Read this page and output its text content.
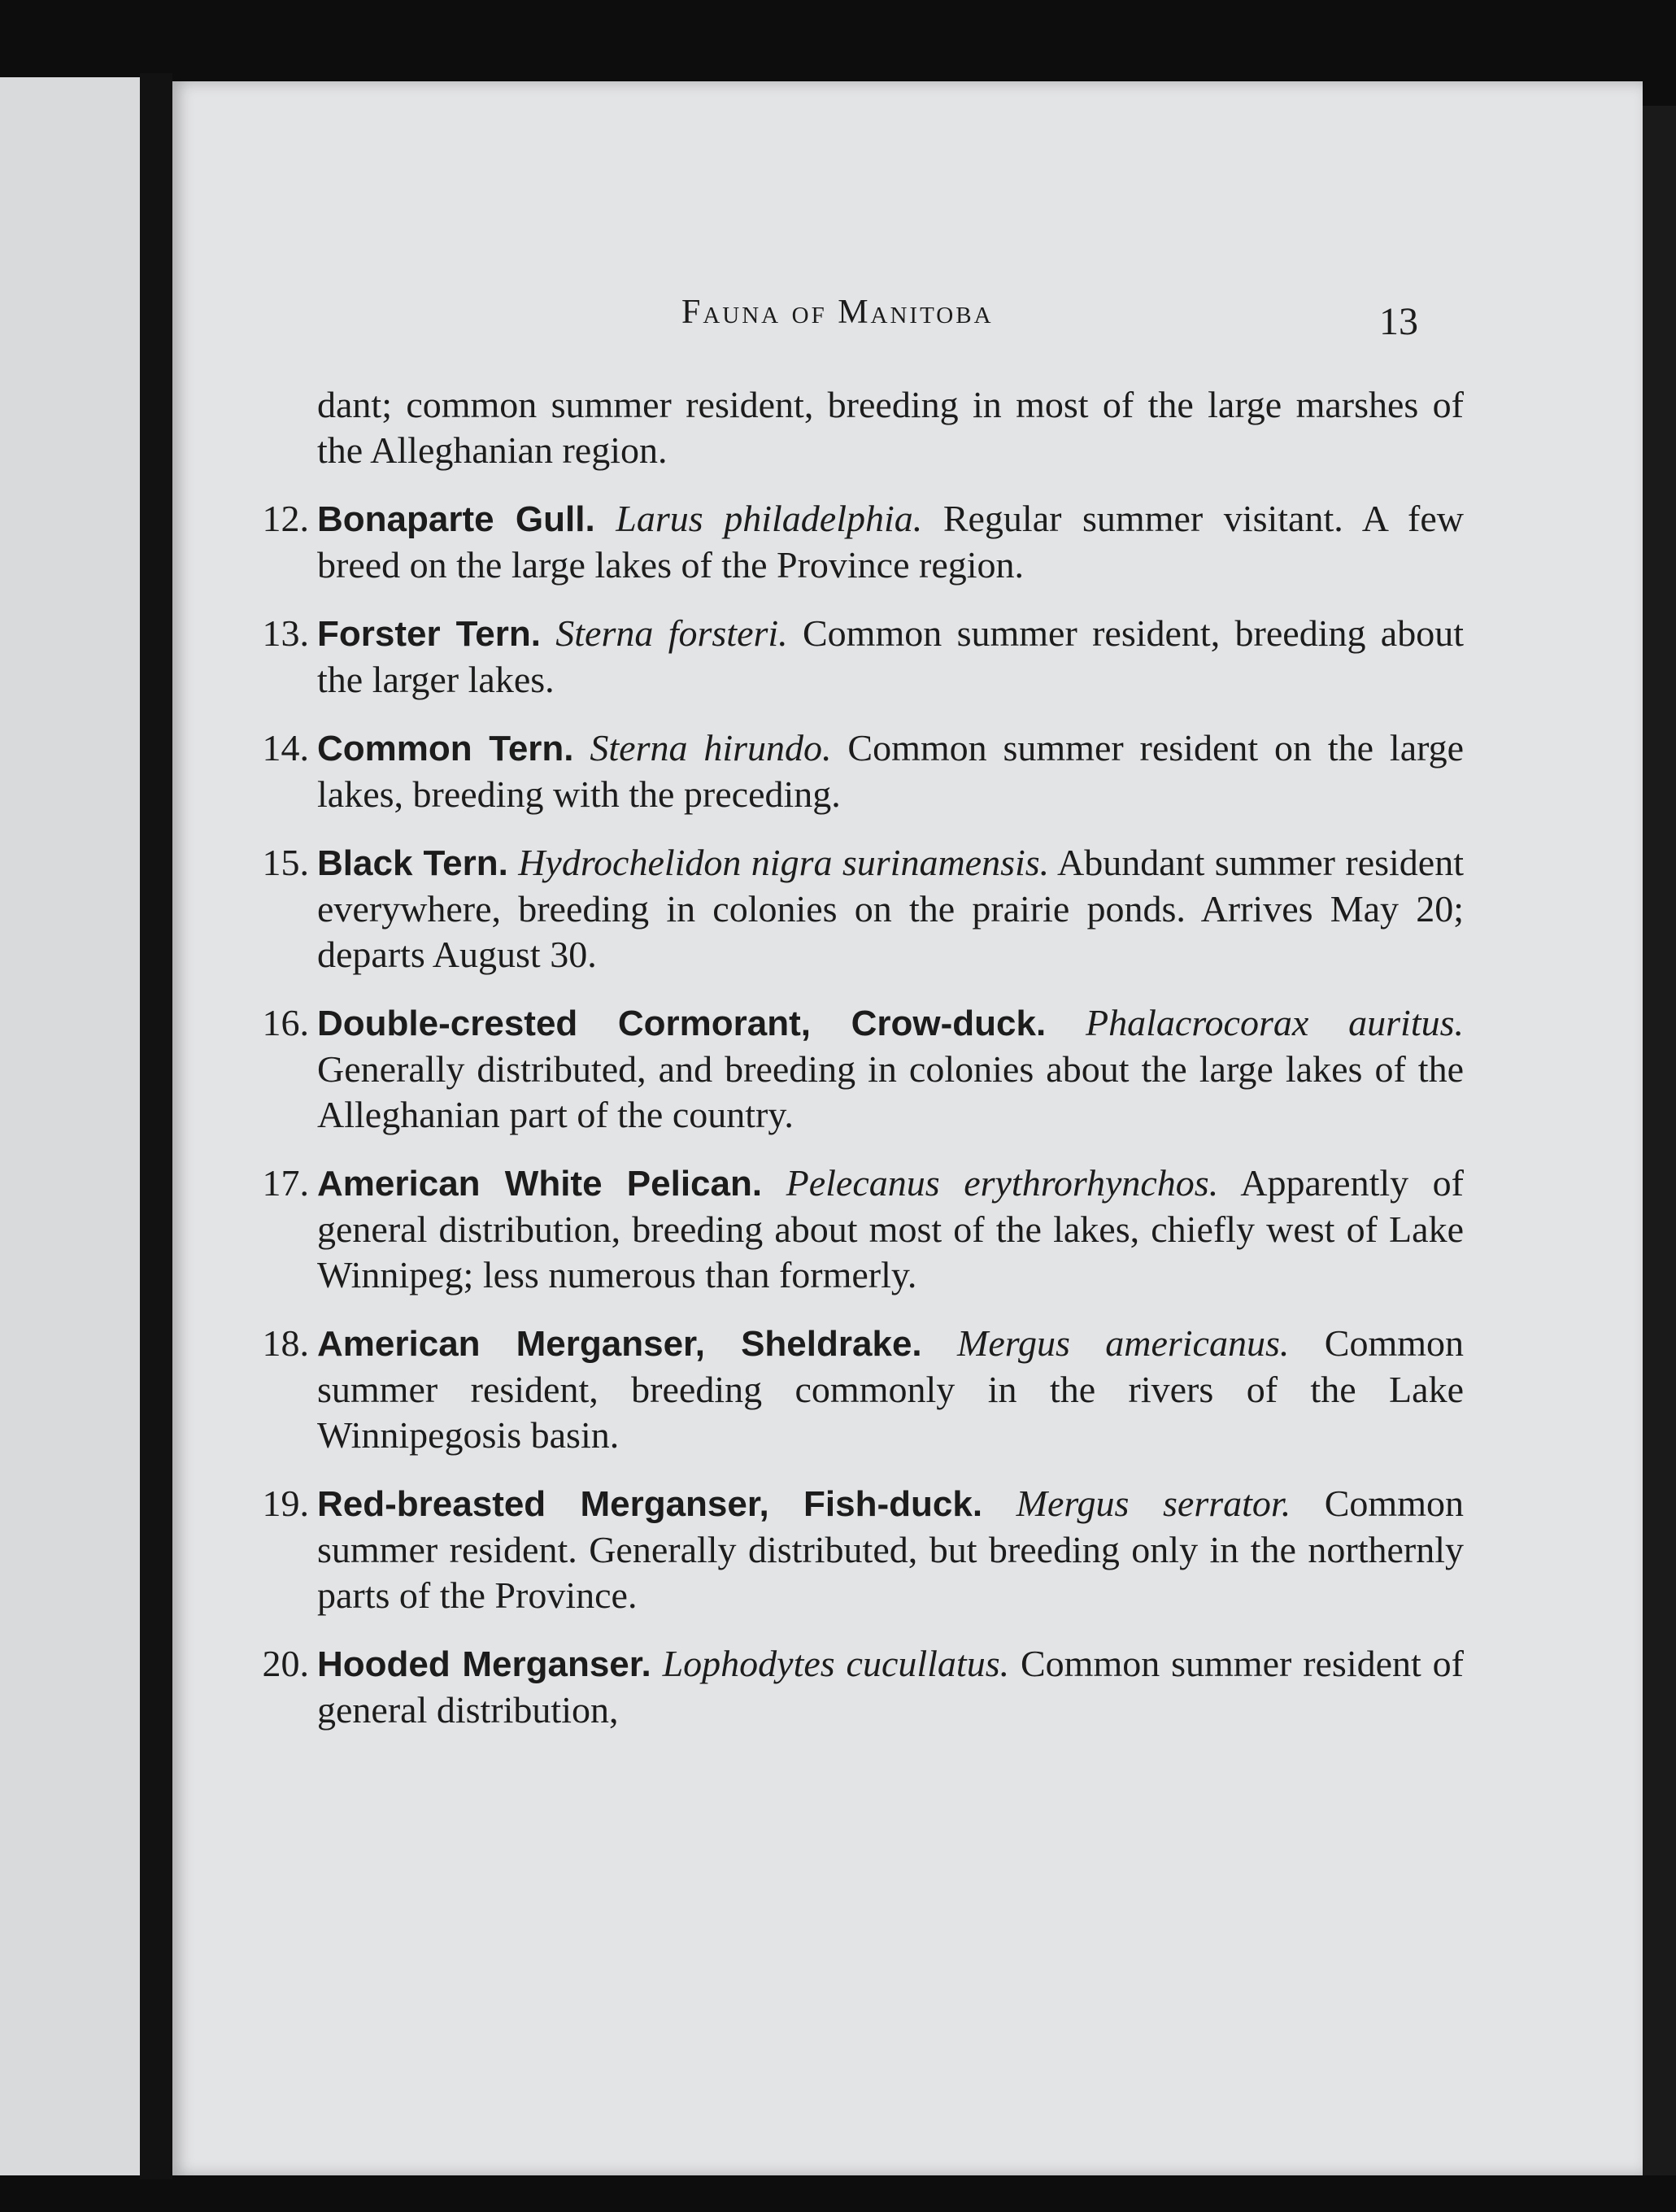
Fauna of Manitoba	13
dant; common summer resident, breeding in most of the large marshes of the Alleghanian region.
12. Bonaparte Gull. Larus philadelphia. Regular summer visitant. A few breed on the large lakes of the Province region.
13. Forster Tern. Sterna forsteri. Common summer resident, breeding about the larger lakes.
14. Common Tern. Sterna hirundo. Common summer resident on the large lakes, breeding with the preceding.
15. Black Tern. Hydrochelidon nigra surinamensis. Abundant summer resident everywhere, breeding in colonies on the prairie ponds. Arrives May 20; departs August 30.
16. Double-crested Cormorant, Crow-duck. Phalacrocorax auritus. Generally distributed, and breeding in colonies about the large lakes of the Alleghanian part of the country.
17. American White Pelican. Pelecanus erythrorhynchos. Apparently of general distribution, breeding about most of the lakes, chiefly west of Lake Winnipeg; less numerous than formerly.
18. American Merganser, Sheldrake. Mergus americanus. Common summer resident, breeding commonly in the rivers of the Lake Winnipegosis basin.
19. Red-breasted Merganser, Fish-duck. Mergus serrator. Common summer resident. Generally distributed, but breeding only in the northernly parts of the Province.
20. Hooded Merganser. Lophodytes cucullatus. Common summer resident of general distribution,
